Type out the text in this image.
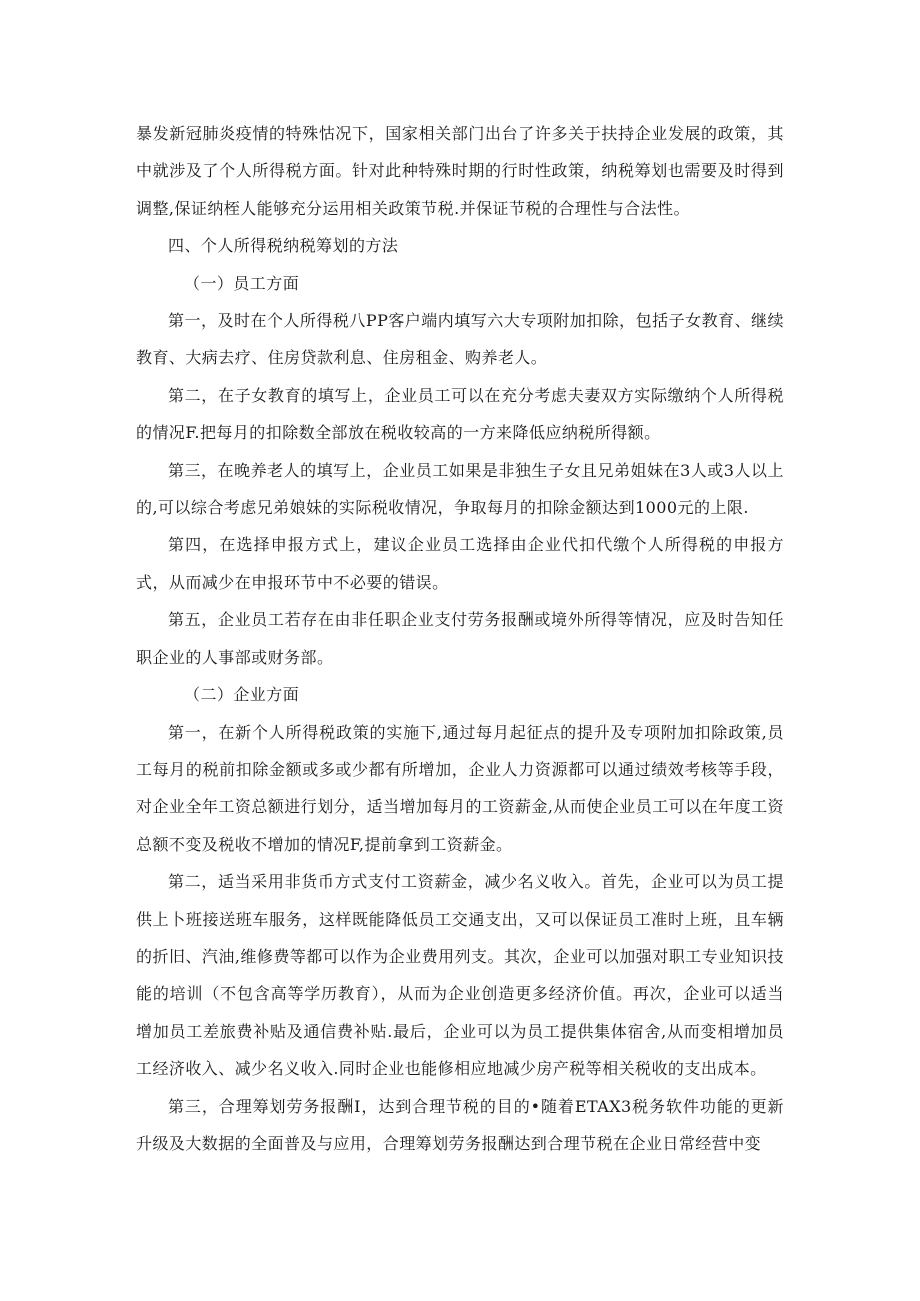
暴发新冠肺炎疫情的特殊怙况下，国家相关部门出台了许多关于扶持企业发展的政策，其中就涉及了个人所得税方面。针对此种特殊时期的行时性政策，纳税筹划也需要及时得到调整,保证纳桎人能够充分运用相关政策节税.并保证节税的合理性与合法性。

四、个人所得税纳税筹划的方法

（一）员工方面

第一，及时在个人所得税八PP客户端内填写六大专项附加扣除，包括子女教育、继续教育、大病去疗、住房贷款利息、住房租金、购养老人。

第二，在子女教育的填写上，企业员工可以在充分考虑夫妻双方实际缴纳个人所得税的情况F.把每月的扣除数全部放在税收较高的一方来降低应纳税所得额。

第三，在晚养老人的填写上，企业员工如果是非独生子女且兄弟姐妹在3人或3人以上的,可以综合考虑兄弟娘妹的实际税收情况，争取每月的扣除金额达到1000元的上限.

第四，在选择申报方式上，建议企业员工选择由企业代扣代缴个人所得税的申报方式，从而减少在申报环节中不必要的错误。

第五，企业员工若存在由非任职企业支付劳务报酬或境外所得等情况，应及时告知任职企业的人事部或财务部。

（二）企业方面

第一，在新个人所得税政策的实施下,通过每月起征点的提升及专项附加扣除政策,员工每月的税前扣除金额或多或少都有所增加，企业人力资源都可以通过绩效考核等手段，对企业全年工资总额进行划分，适当增加每月的工资薪金,从而使企业员工可以在年度工资总额不变及税收不增加的情况F,提前拿到工资薪金。

第二，适当采用非货币方式支付工资薪金，减少名义收入。首先，企业可以为员工提供上卜班接送班车服务，这样既能降低员工交通支出，又可以保证员工准时上班，且车辆的折旧、汽油,维修费等都可以作为企业费用列支。其次，企业可以加强对职工专业知识技能的培训（不包含高等学历教育），从而为企业创造更多经济价值。再次，企业可以适当增加员工差旅费补贴及通信费补贴.最后，企业可以为员工提供集体宿舍,从而变相增加员工经济收入、减少名义收入.同时企业也能修相应地减少房产税等相关税收的支出成本。

第三，合理筹划劳务报酬I，达到合理节税的目的•随着ETAX3税务软件功能的更新升级及大数据的全面普及与应用，合理筹划劳务报酬达到合理节税在企业日常经营中变
